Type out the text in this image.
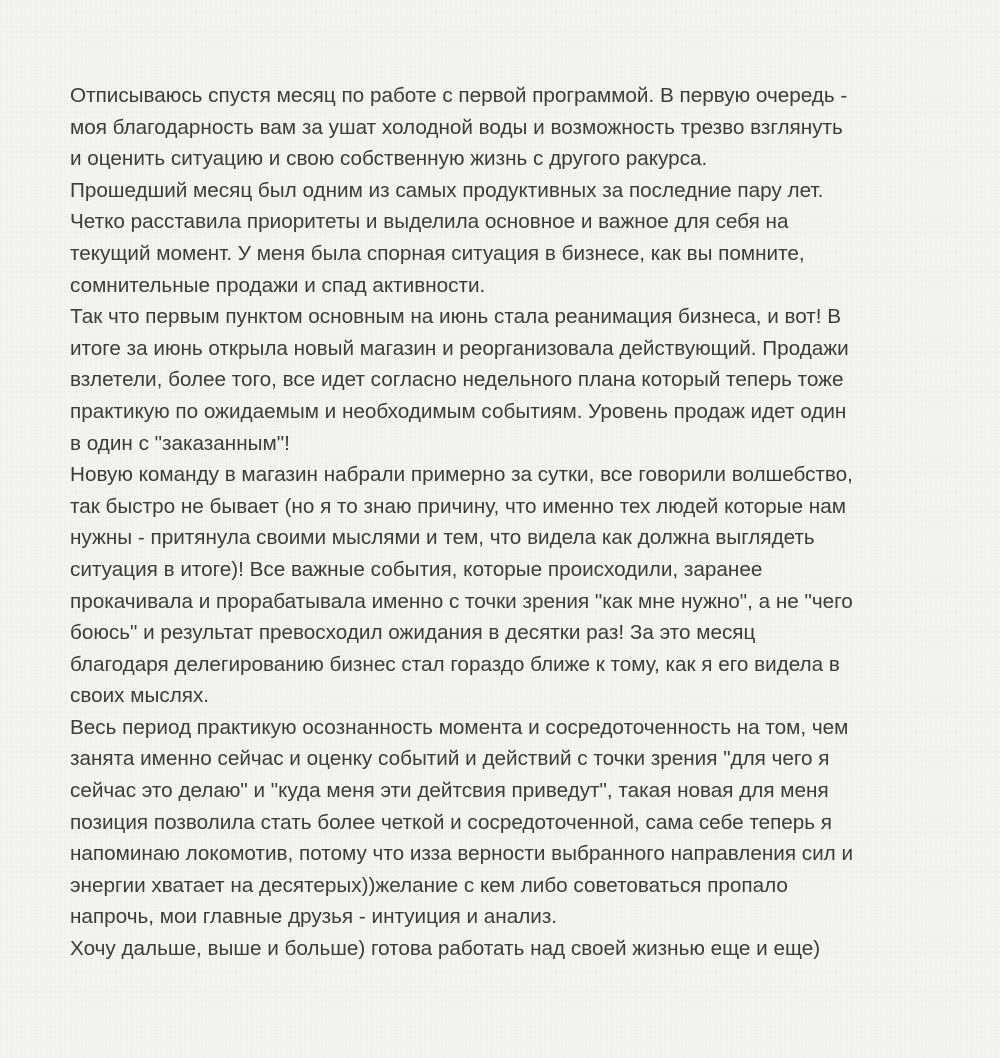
Отписываюсь спустя месяц по работе с первой программой. В первую очередь -
моя благодарность вам за ушат холодной воды и возможность трезво взглянуть
и оценить ситуацию и свою собственную жизнь с другого ракурса.
Прошедший месяц был одним из самых продуктивных за последние пару лет.
Четко расставила приоритеты и выделила основное и важное для себя на
текущий момент. У меня была спорная ситуация в бизнесе, как вы помните,
сомнительные продажи и спад активности.
Так что первым пунктом основным на июнь стала реанимация бизнеса, и вот! В
итоге за июнь открыла новый магазин и реорганизовала действующий. Продажи
взлетели, более того, все идет согласно недельного плана который теперь тоже
практикую по ожидаемым и необходимым событиям. Уровень продаж идет один
в один с "заказанным"!
Новую команду в магазин набрали примерно за сутки, все говорили волшебство,
так быстро не бывает (но я то знаю причину, что именно тех людей которые нам
нужны - притянула своими мыслями и тем, что видела как должна выглядеть
ситуация в итоге)! Все важные события, которые происходили, заранее
прокачивала и прорабатывала именно с точки зрения "как мне нужно", а не "чего
боюсь" и результат превосходил ожидания в десятки раз! За это месяц
благодаря делегированию бизнес стал гораздо ближе к тому, как я его видела в
своих мыслях.
Весь период практикую осознанность момента и сосредоточенность на том, чем
занята именно сейчас и оценку событий и действий с точки зрения "для чего я
сейчас это делаю" и "куда меня эти дейтсвия приведут", такая новая для меня
позиция позволила стать более четкой и сосредоточенной, сама себе теперь я
напоминаю локомотив, потому что изза верности выбранного направления сил и
энергии хватает на десятерых))желание с кем либо советоваться пропало
напрочь, мои главные друзья - интуиция и анализ.
Хочу дальше, выше и больше) готова работать над своей жизнью еще и еще)
